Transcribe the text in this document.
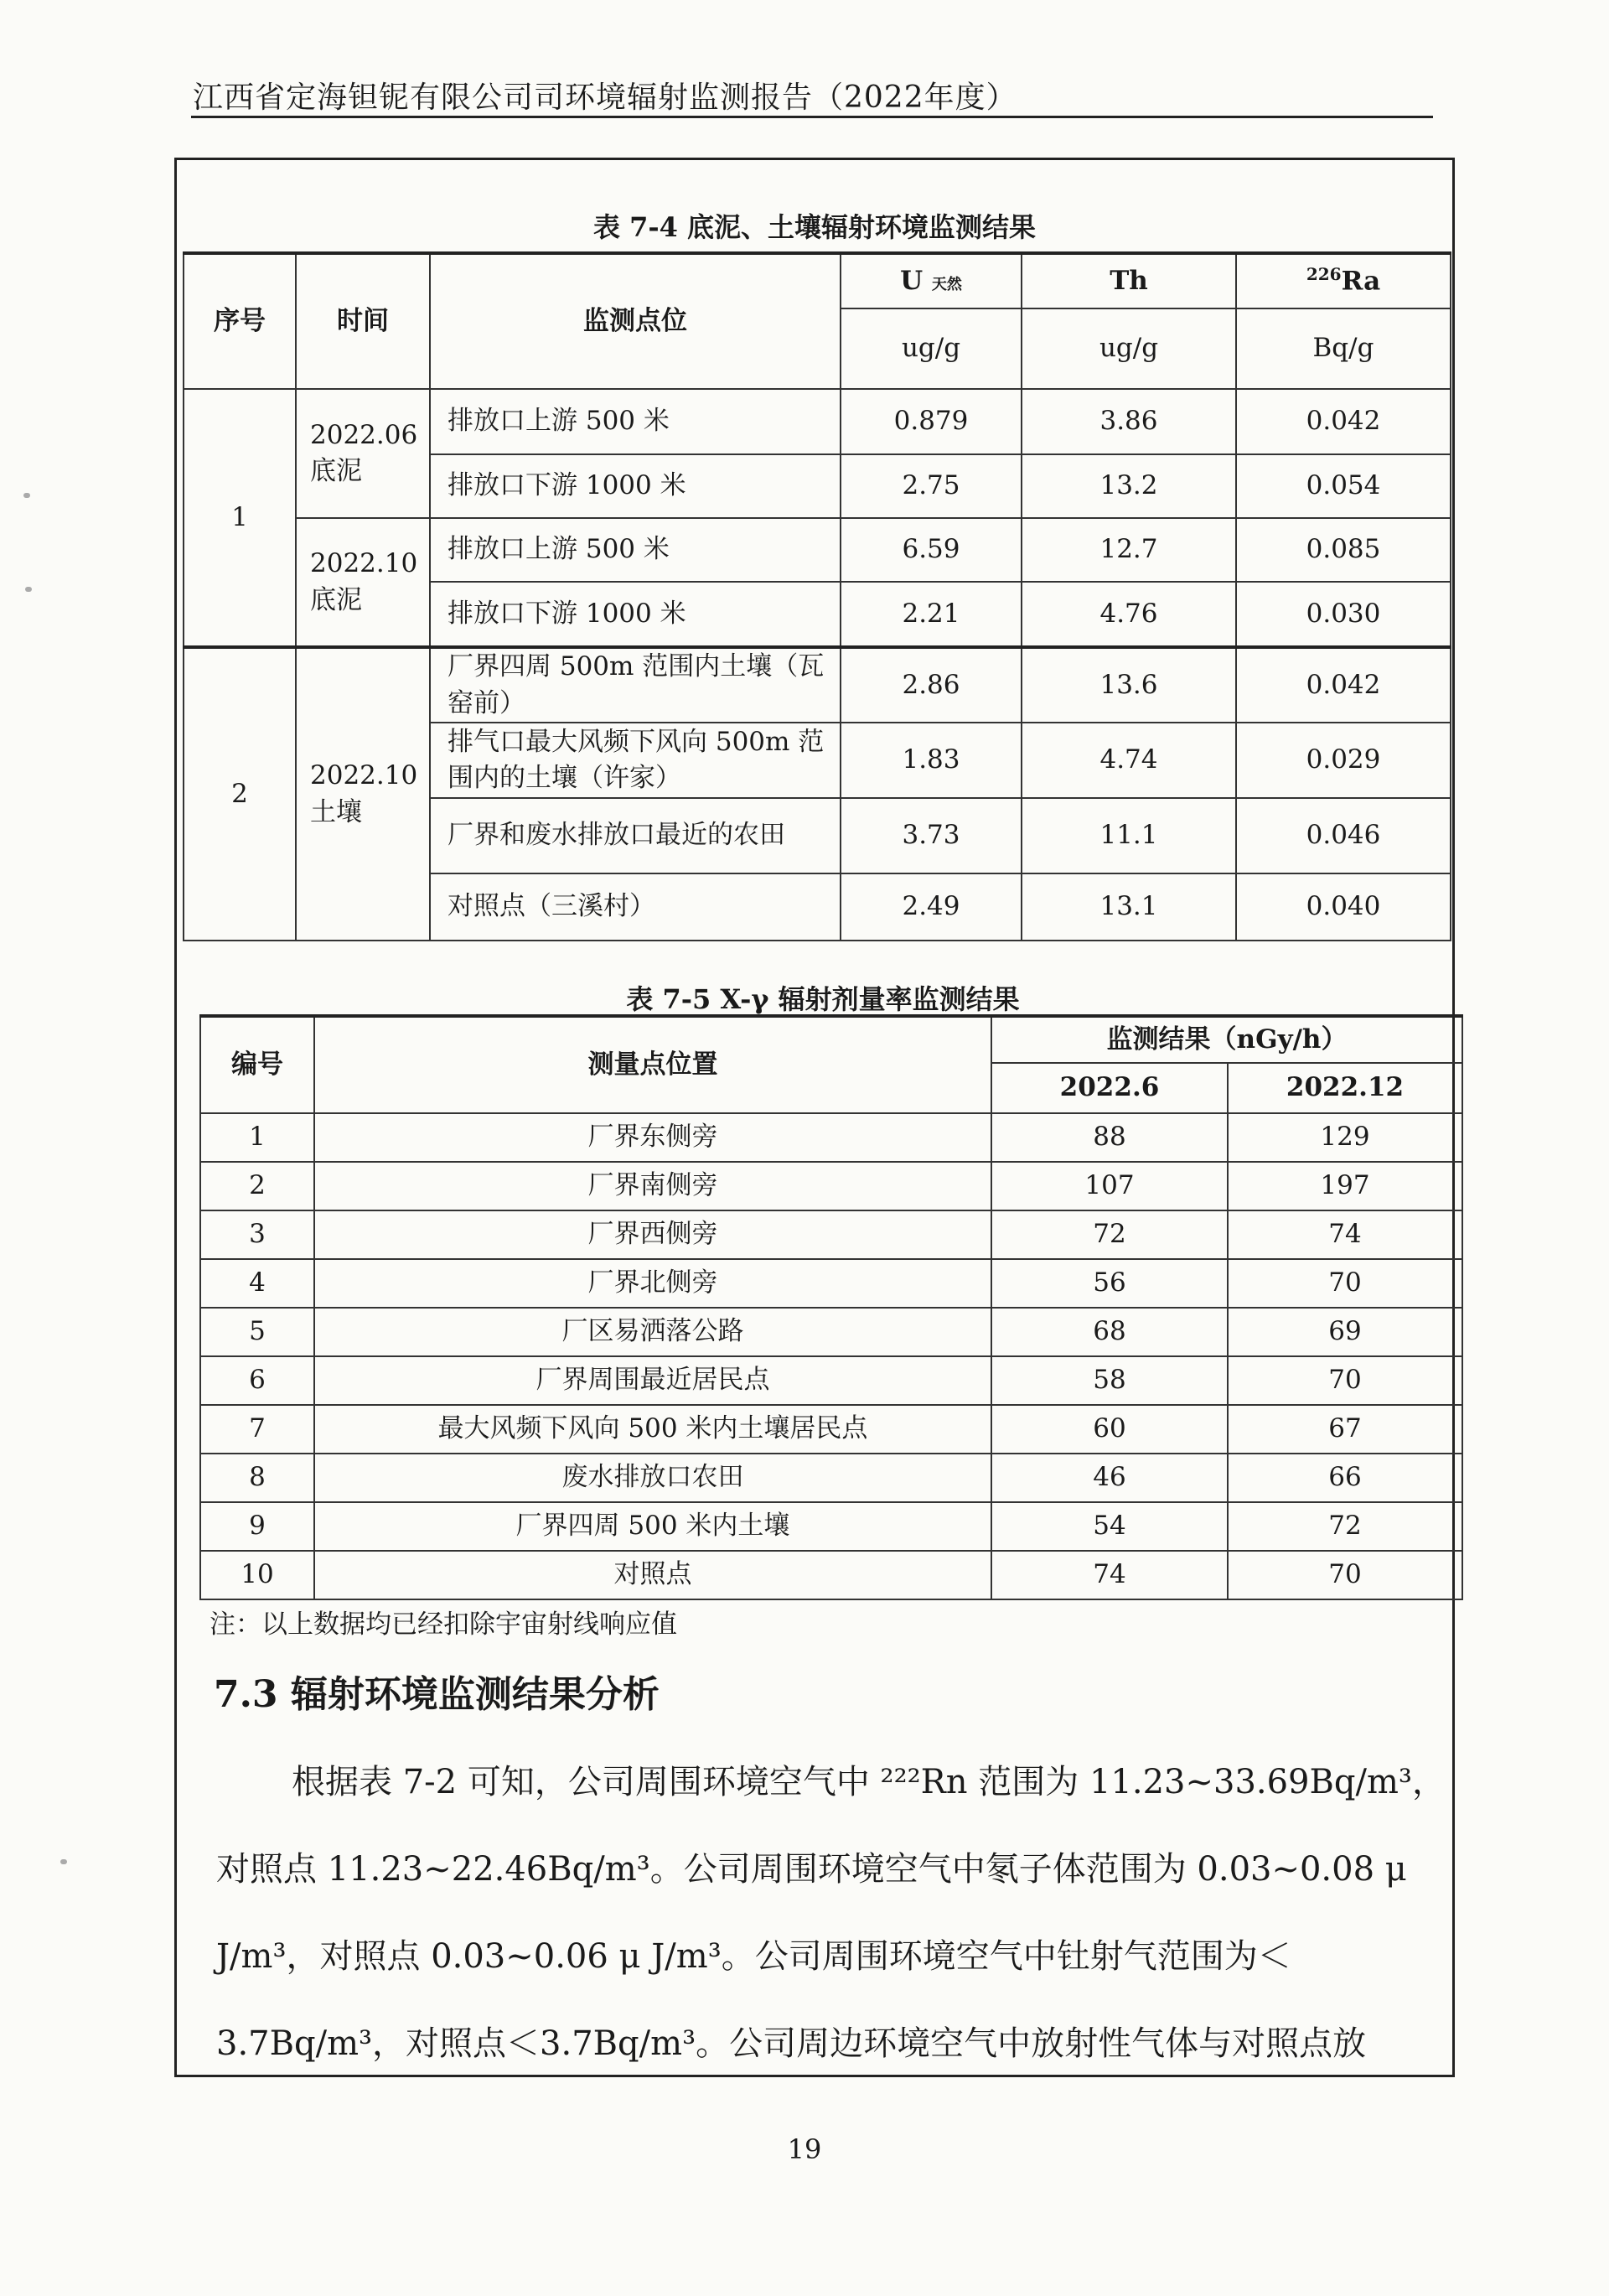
江西省定海钽铌有限公司司环境辐射监测报告（2022年度）
表 7-4 底泥、土壤辐射环境监测结果
序号	时间	监测点位	U 天然	Th	$^{226}$Ra
			ug/g	ug/g	Bq/g
1	2022.06 底泥	排放口上游 500 米	0.879	3.86	0.042
		排放口下游 1000 米	2.75	13.2	0.054
	2022.10 底泥	排放口上游 500 米	6.59	12.7	0.085
		排放口下游 1000 米	2.21	4.76	0.030
2	2022.10 土壤	厂界四周 500m 范围内土壤（瓦窑前）	2.86	13.6	0.042
		排气口最大风频下风向 500m 范围内的土壤（许家）	1.83	4.74	0.029
		厂界和废水排放口最近的农田	3.73	11.1	0.046
		对照点（三溪村）	2.49	13.1	0.040
表 7-5 X-γ 辐射剂量率监测结果
编号	测量点位置	监测结果（nGy/h）	
		2022.6	2022.12
1	厂界东侧旁	88	129
2	厂界南侧旁	107	197
3	厂界西侧旁	72	74
4	厂界北侧旁	56	70
5	厂区易洒落公路	68	69
6	厂界周围最近居民点	58	70
7	最大风频下风向 500 米内土壤居民点	60	67
8	废水排放口农田	46	66
9	厂界四周 500 米内土壤	54	72
10	对照点	74	70
注：以上数据均已经扣除宇宙射线响应值
7.3 辐射环境监测结果分析

根据表 7-2 可知，公司周围环境空气中 ²²²Rn 范围为 11.23~33.69Bq/m³，

对照点 11.23~22.46Bq/m³。公司周围环境空气中氡子体范围为 0.03~0.08 μ

J/m³，对照点 0.03~0.06 μ J/m³。公司周围环境空气中钍射气范围为＜

3.7Bq/m³，对照点＜3.7Bq/m³。公司周边环境空气中放射性气体与对照点放

19
